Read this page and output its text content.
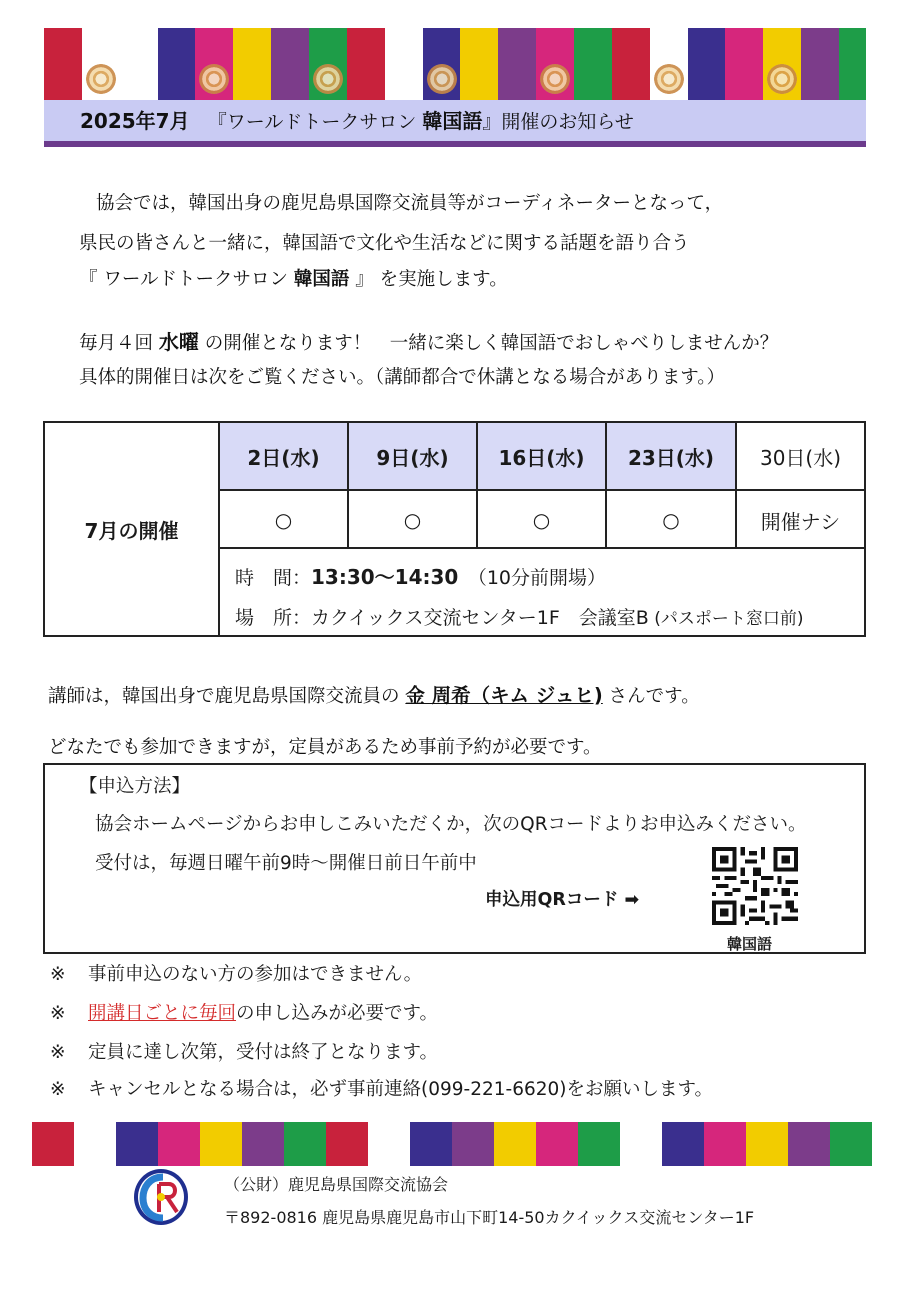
2025年7月 『ワールドトークサロン 韓国語』開催のお知らせ
協会では，韓国出身の鹿児島県国際交流員等がコーディネーターとなって，
県民の皆さんと一緒に，韓国語で文化や生活などに関する話題を語り合う
『 ワールドトークサロン 韓国語 』 を実施します。
毎月４回 水曜 の開催となります！　一緒に楽しく韓国語でおしゃべりしませんか？
具体的開催日は次をご覧ください。（講師都合で休講となる場合があります。）
7月の開催
2日(水)	9日(水)	16日(水)	23日(水)	30日(水)
○	○	○	○	開催ナシ
時　間：13:30～14:30　（10分前開場）
場　所：カクイックス交流センター1F　会議室B (パスポート窓口前)
講師は，韓国出身で鹿児島県国際交流員の 金 周希（キム ジュヒ) さんです。
どなたでも参加できますが，定員があるため事前予約が必要です。
【申込方法】
協会ホームページからお申しこみいただくか，次のQRコードよりお申込みください。
受付は，毎週日曜午前9時～開催日前日午前中
申込用QRコード ➡
韓国語
※ 事前申込のない方の参加はできません。
※ 開講日ごとに毎回の申し込みが必要です。
※ 定員に達し次第，受付は終了となります。
※ キャンセルとなる場合は，必ず事前連絡(099-221-6620)をお願いします。
（公財）鹿児島県国際交流協会
〒892-0816 鹿児島県鹿児島市山下町14-50カクイックス交流センター1F
